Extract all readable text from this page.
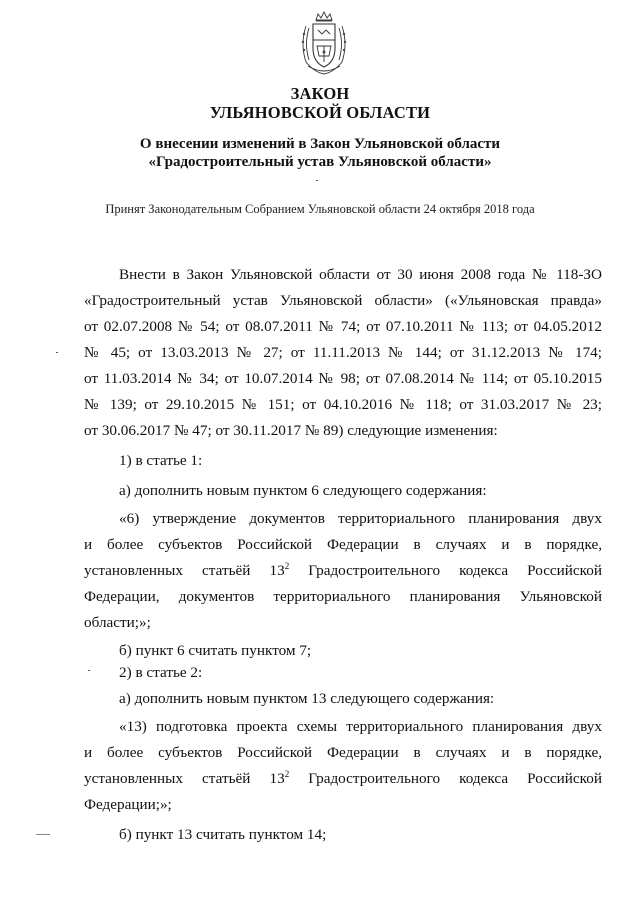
ЗАКОН
УЛЬЯНОВСКОЙ ОБЛАСТИ
О внесении изменений в Закон Ульяновской области
«Градостроительный устав Ульяновской области»
Принят Законодательным Собранием Ульяновской области 24 октября 2018 года
Внести в Закон Ульяновской области от 30 июня 2008 года № 118-ЗО
«Градостроительный устав Ульяновской области» («Ульяновская правда»
от 02.07.2008 № 54; от 08.07.2011 № 74; от 07.10.2011 № 113; от 04.05.2012
№ 45; от 13.03.2013 № 27; от 11.11.2013 № 144; от 31.12.2013 № 174;
от 11.03.2014 № 34; от 10.07.2014 № 98; от 07.08.2014 № 114; от 05.10.2015
№ 139; от 29.10.2015 № 151; от 04.10.2016 № 118; от 31.03.2017 № 23;
от 30.06.2017 № 47; от 30.11.2017 № 89) следующие изменения:
1) в статье 1:
а) дополнить новым пунктом 6 следующего содержания:
«6) утверждение документов территориального планирования двух
и более субъектов Российской Федерации в случаях и в порядке,
установленных статьёй $13^2$ Градостроительного кодекса Российской
Федерации, документов территориального планирования Ульяновской
области;»;
б) пункт 6 считать пунктом 7;
2) в статье 2:
а) дополнить новым пунктом 13 следующего содержания:
«13) подготовка проекта схемы территориального планирования двух
и более субъектов Российской Федерации в случаях и в порядке,
установленных статьёй $13^2$ Градостроительного кодекса Российской
Федерации;»;
б) пункт 13 считать пунктом 14;
